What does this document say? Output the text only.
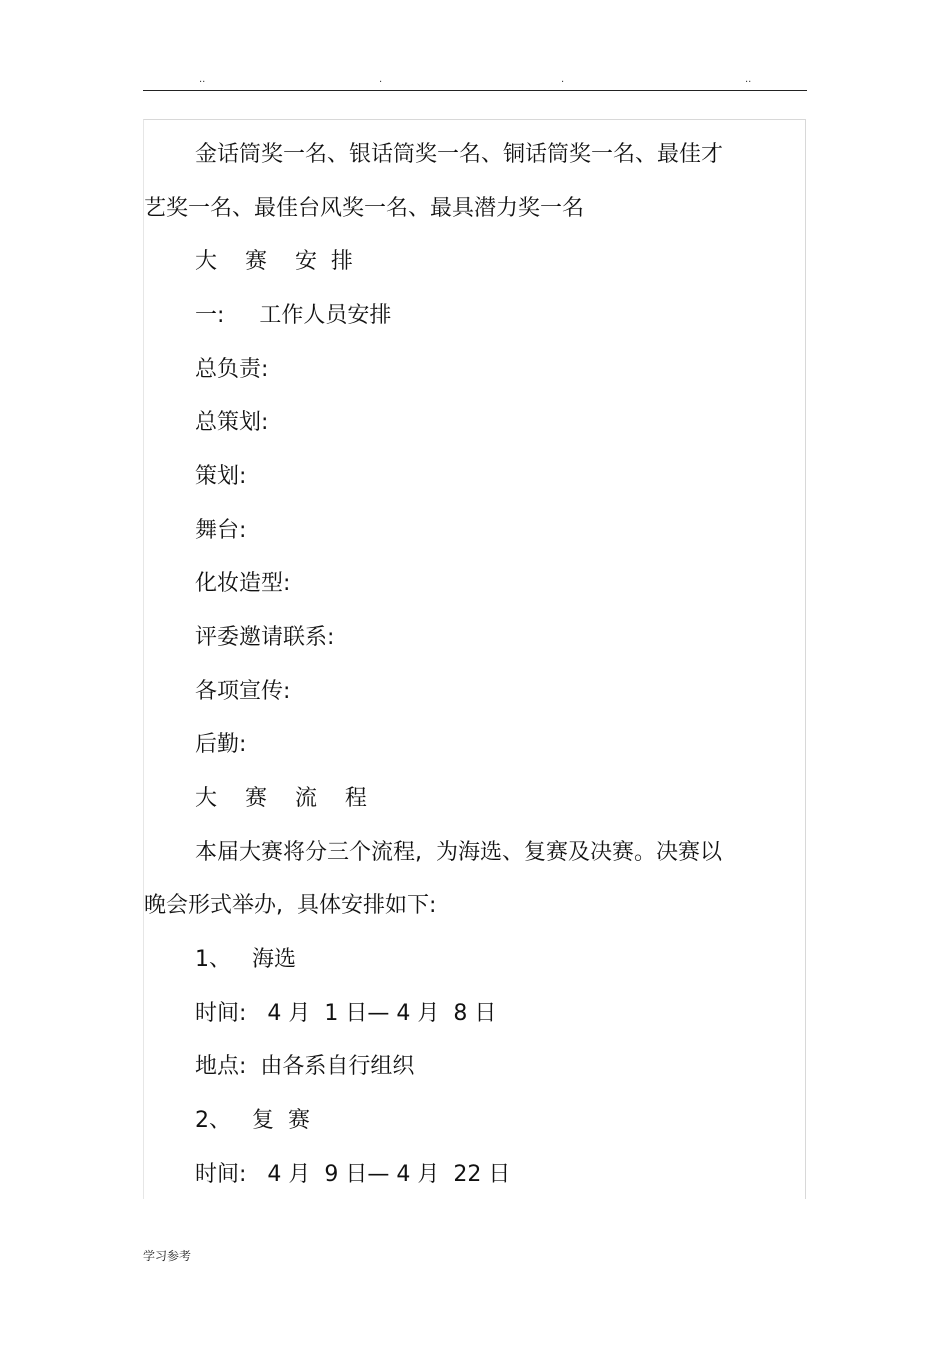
..	.	.	..
金话筒奖一名、银话筒奖一名、铜话筒奖一名、最佳才
艺奖一名、最佳台风奖一名、最具潜力奖一名
大    赛    安  排
一:     工作人员安排
总负责:
总策划:
策划:
舞台:
化妆造型:
评委邀请联系:
各项宣传:
后勤:
大    赛    流    程
本届大赛将分三个流程,  为海选、复赛及决赛。决赛以
晚会形式举办,  具体安排如下:
1、   海选
时间:   4 月  1 日— 4 月  8 日
地点:  由各系自行组织
2、   复  赛
时间:   4 月  9 日— 4 月  22 日
学习参考
